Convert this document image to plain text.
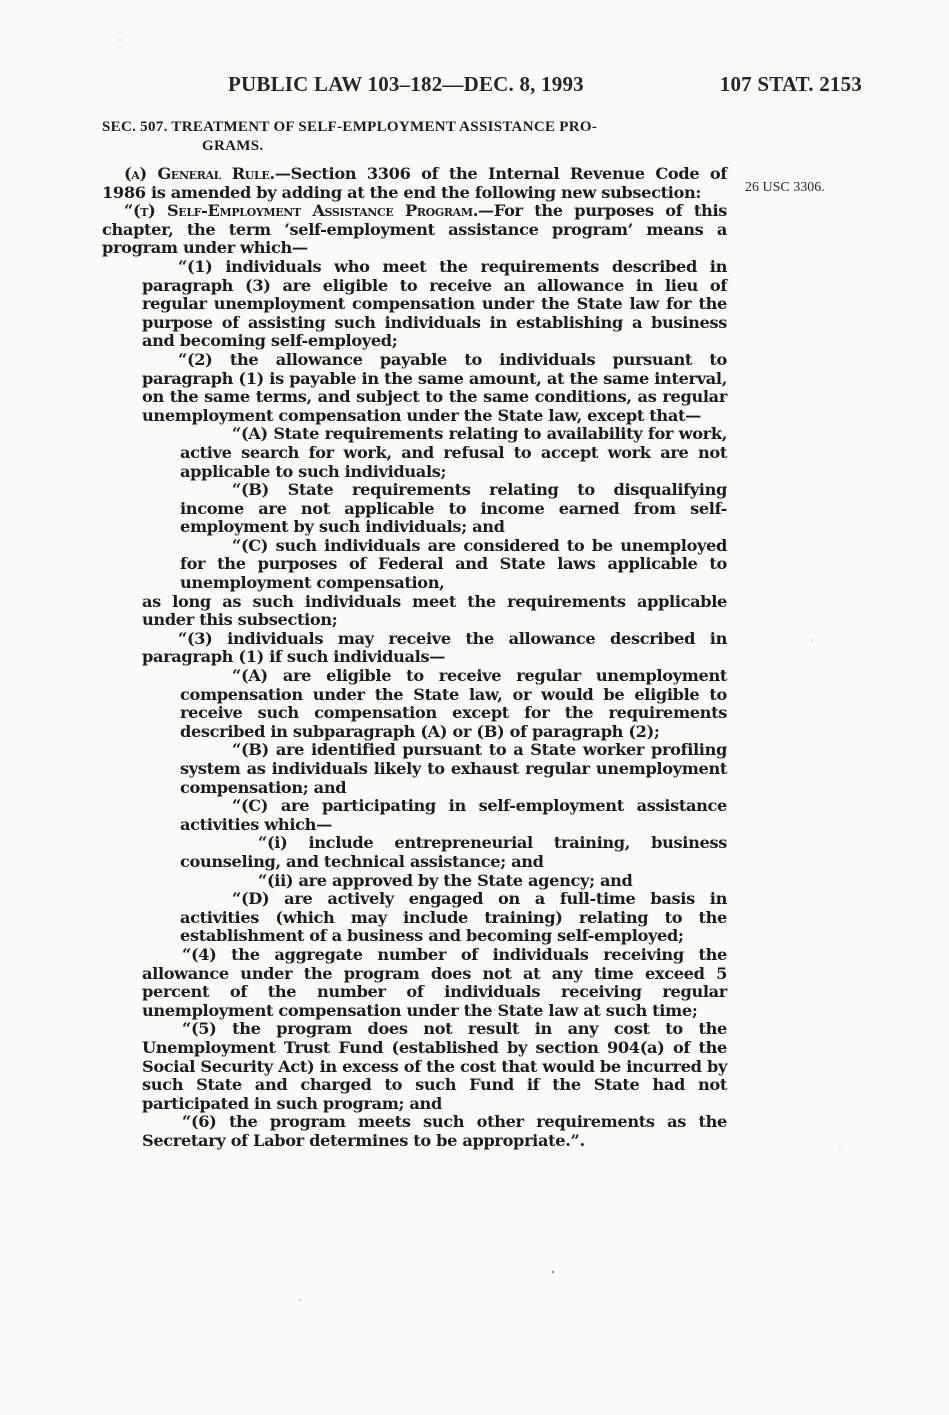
PUBLIC LAW 103–182—DEC. 8, 1993	107 STAT. 2153
26 USC 3306.

SEC. 507. TREATMENT OF SELF-EMPLOYMENT ASSISTANCE PRO-
GRAMS.

(a) General Rule.—Section 3306 of the Internal Revenue Code of 1986 is amended by adding at the end the following new subsection:

“(t) Self-Employment Assistance Program.—For the purposes of this chapter, the term ‘self-employment assistance program’ means a program under which—

“(1) individuals who meet the requirements described in paragraph (3) are eligible to receive an allowance in lieu of regular unemployment compensation under the State law for the purpose of assisting such individuals in establishing a business and becoming self-employed;

“(2) the allowance payable to individuals pursuant to paragraph (1) is payable in the same amount, at the same interval, on the same terms, and subject to the same conditions, as regular unemployment compensation under the State law, except that—

“(A) State requirements relating to availability for work, active search for work, and refusal to accept work are not applicable to such individuals;

“(B) State requirements relating to disqualifying income are not applicable to income earned from self-employment by such individuals; and

“(C) such individuals are considered to be unemployed for the purposes of Federal and State laws applicable to unemployment compensation,

as long as such individuals meet the requirements applicable under this subsection;

“(3) individuals may receive the allowance described in paragraph (1) if such individuals—

“(A) are eligible to receive regular unemployment compensation under the State law, or would be eligible to receive such compensation except for the requirements described in subparagraph (A) or (B) of paragraph (2);

“(B) are identified pursuant to a State worker profiling system as individuals likely to exhaust regular unemployment compensation; and

“(C) are participating in self-employment assistance activities which—

“(i) include entrepreneurial training, business counseling, and technical assistance; and

“(ii) are approved by the State agency; and

“(D) are actively engaged on a full-time basis in activities (which may include training) relating to the establishment of a business and becoming self-employed;

“(4) the aggregate number of individuals receiving the allowance under the program does not at any time exceed 5 percent of the number of individuals receiving regular unemployment compensation under the State law at such time;

“(5) the program does not result in any cost to the Unemployment Trust Fund (established by section 904(a) of the Social Security Act) in excess of the cost that would be incurred by such State and charged to such Fund if the State had not participated in such program; and

“(6) the program meets such other requirements as the Secretary of Labor determines to be appropriate.”.
